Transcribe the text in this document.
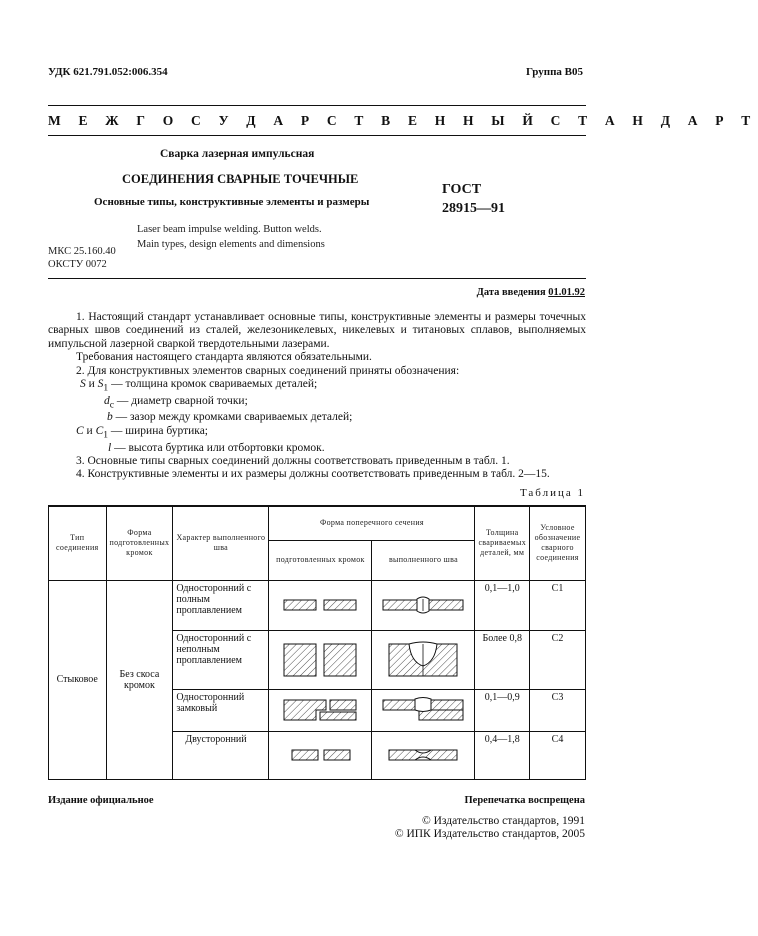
УДК 621.791.052:006.354	Группа В05
М Е Ж Г О С У Д А Р С Т В Е Н Н Ы Й С Т А Н Д А Р Т
Сварка лазерная импульсная
СОЕДИНЕНИЯ СВАРНЫЕ ТОЧЕЧНЫЕ
Основные типы, конструктивные элементы и размеры
ГОСТ
28915—91
Laser beam impulse welding. Button welds.
Main types, design elements and dimensions
МКС 25.160.40
ОКСТУ 0072
Дата введения 01.01.92

1. Настоящий стандарт устанавливает основные типы, конструктивные элементы и размеры точечных сварных швов соединений из сталей, железоникелевых, никелевых и титановых сплавов, выполняемых импульсной лазерной сваркой твердотельными лазерами.

Требования настоящего стандарта являются обязательными.

2. Для конструктивных элементов сварных соединений приняты обозначения:

S и $S_1$ — толщина кромок свариваемых деталей;

$d_c$ — диаметр сварной точки;

b — зазор между кромками свариваемых деталей;

C и $C_1$ — ширина буртика;

l — высота буртика или отбортовки кромок.

3. Основные типы сварных соединений должны соответствовать приведенным в табл. 1.

4. Конструктивные элементы и их размеры должны соответствовать приведенным в табл. 2—15.

Таблица 1
Тип соединения	Форма подготовленных кромок	Характер выполненного шва	Форма поперечного сечения		Толщина свариваемых деталей, мм	Условное обозначение сварного соединения
			подготовленных кромок	выполненного шва		
Стыковое	Без скоса кромок	Односторонний с полным проплавлением			0,1—1,0	С1
		Односторонний с неполным проплавлением			Более 0,8	С2
		Односторонний замковый			0,1—0,9	С3
		Двусторонний			0,4—1,8	С4
Издание официальное	Перепечатка воспрещена
© Издательство стандартов, 1991
© ИПК Издательство стандартов, 2005
